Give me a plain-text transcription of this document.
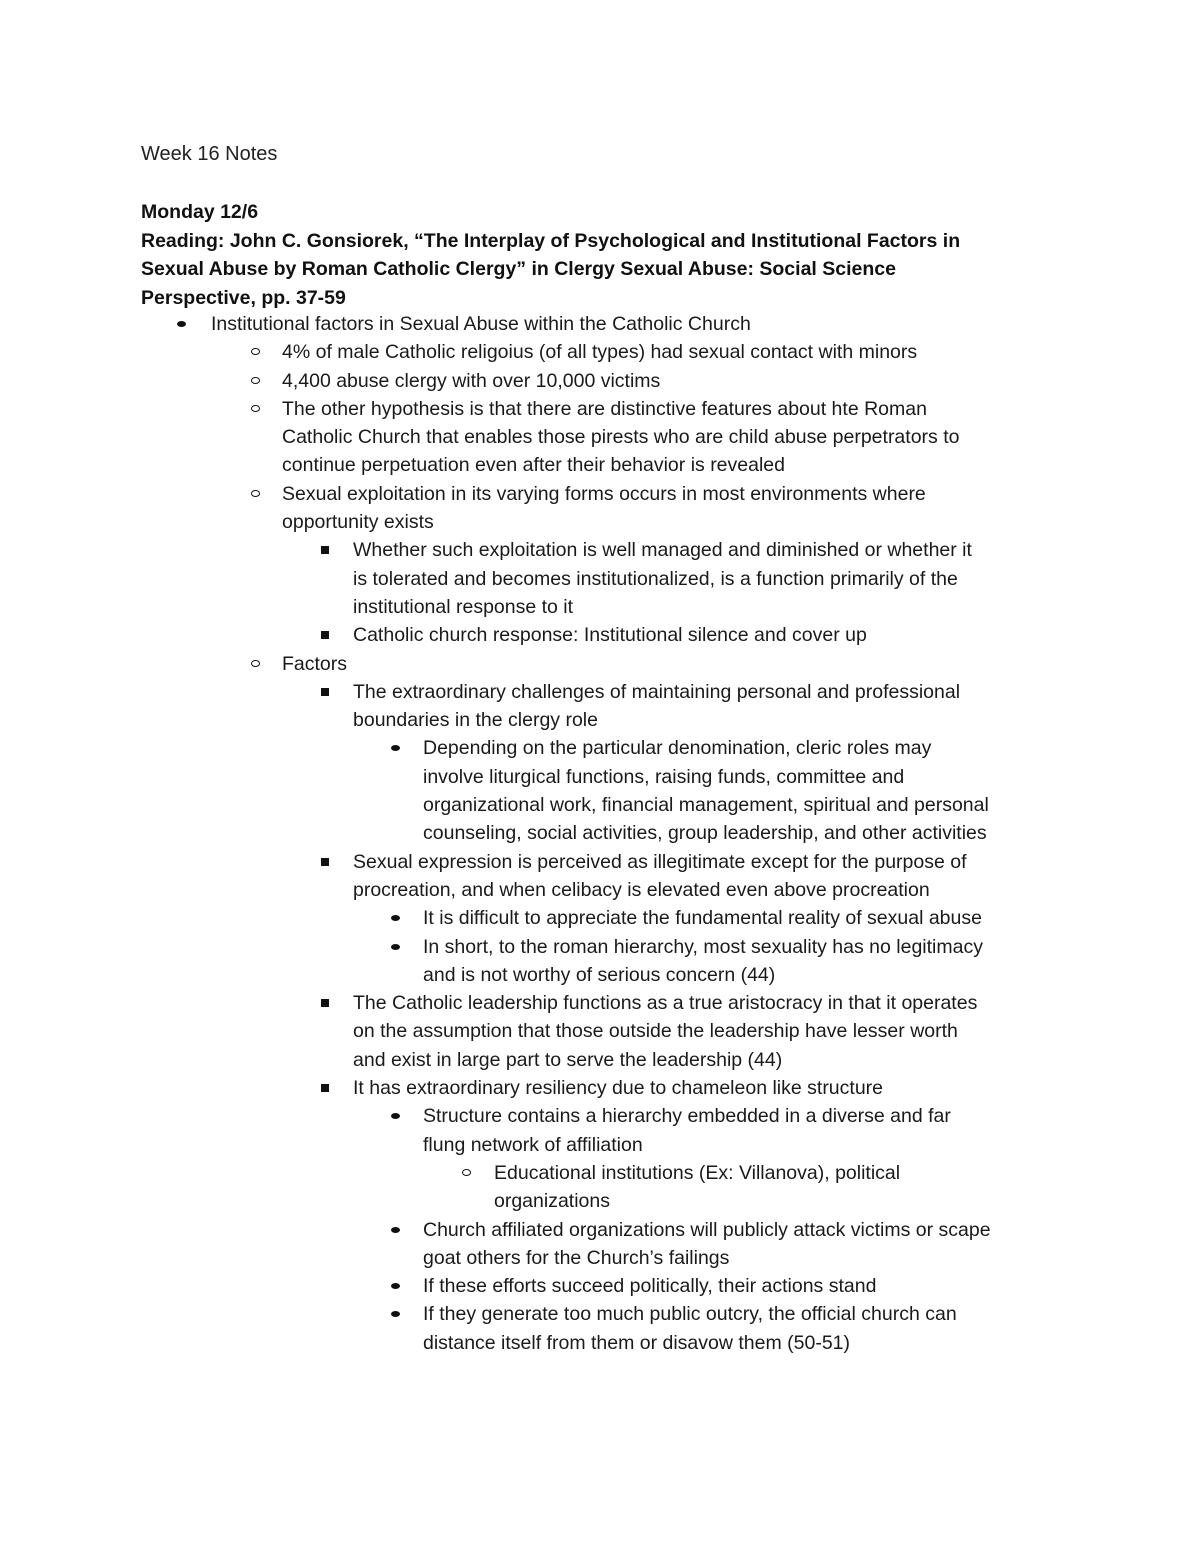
Week 16 Notes
Monday 12/6
Reading: John C. Gonsiorek, “The Interplay of Psychological and Institutional Factors in
Sexual Abuse by Roman Catholic Clergy” in Clergy Sexual Abuse: Social Science
Perspective, pp. 37-59
Institutional factors in Sexual Abuse within the Catholic Church
4% of male Catholic religoius (of all types) had sexual contact with minors
4,400 abuse clergy with over 10,000 victims
The other hypothesis is that there are distinctive features about hte Roman
Catholic Church that enables those pirests who are child abuse perpetrators to
continue perpetuation even after their behavior is revealed
Sexual exploitation in its varying forms occurs in most environments where
opportunity exists
Whether such exploitation is well managed and diminished or whether it
is tolerated and becomes institutionalized, is a function primarily of the
institutional response to it
Catholic church response: Institutional silence and cover up
Factors
The extraordinary challenges of maintaining personal and professional
boundaries in the clergy role
Depending on the particular denomination, cleric roles may
involve liturgical functions, raising funds, committee and
organizational work, financial management, spiritual and personal
counseling, social activities, group leadership, and other activities
Sexual expression is perceived as illegitimate except for the purpose of
procreation, and when celibacy is elevated even above procreation
It is difficult to appreciate the fundamental reality of sexual abuse
In short, to the roman hierarchy, most sexuality has no legitimacy
and is not worthy of serious concern (44)
The Catholic leadership functions as a true aristocracy in that it operates
on the assumption that those outside the leadership have lesser worth
and exist in large part to serve the leadership (44)
It has extraordinary resiliency due to chameleon like structure
Structure contains a hierarchy embedded in a diverse and far
flung network of affiliation
Educational institutions (Ex: Villanova), political
organizations
Church affiliated organizations will publicly attack victims or scape
goat others for the Church’s failings
If these efforts succeed politically, their actions stand
If they generate too much public outcry, the official church can
distance itself from them or disavow them (50-51)
